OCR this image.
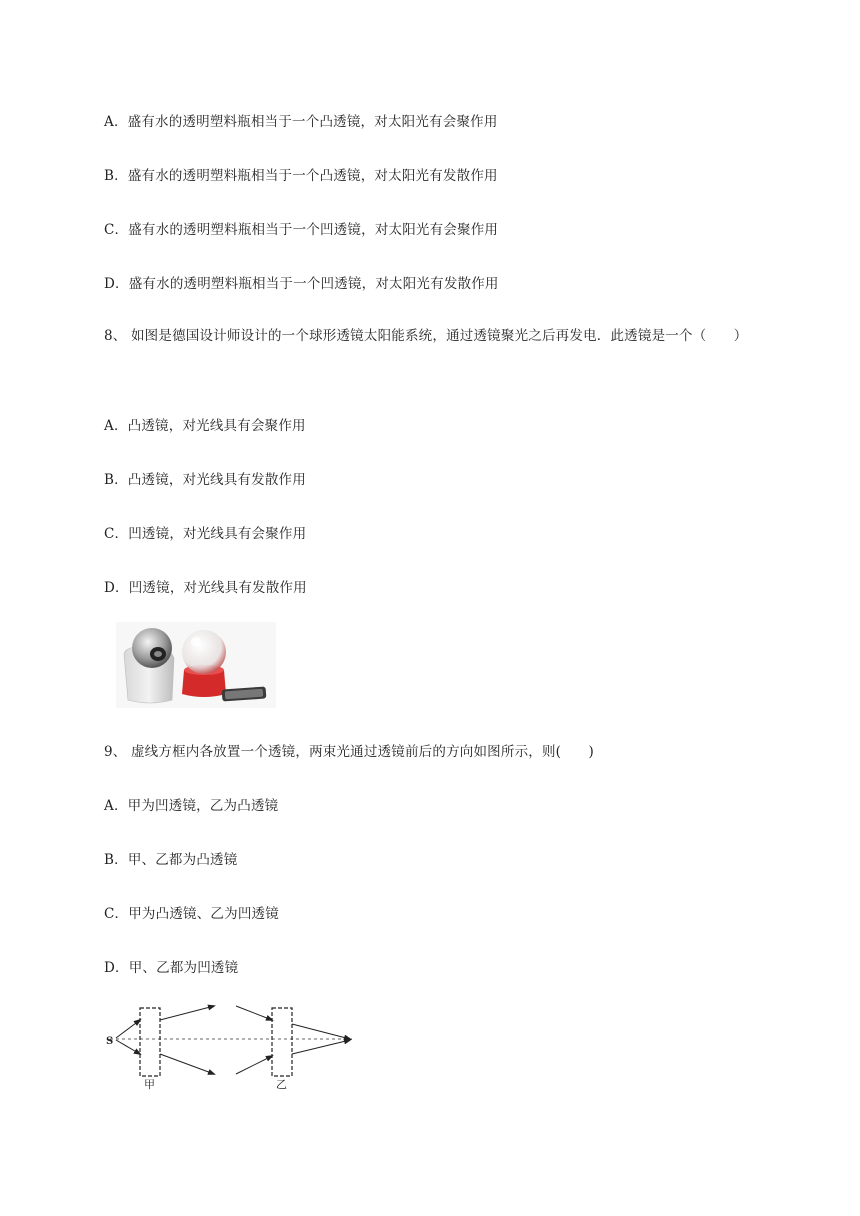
A．盛有水的透明塑料瓶相当于一个凸透镜，对太阳光有会聚作用
B．盛有水的透明塑料瓶相当于一个凸透镜，对太阳光有发散作用
C．盛有水的透明塑料瓶相当于一个凹透镜，对太阳光有会聚作用
D．盛有水的透明塑料瓶相当于一个凹透镜，对太阳光有发散作用
8、 如图是德国设计师设计的一个球形透镜太阳能系统，通过透镜聚光之后再发电．此透镜是一个（　　）
A．凸透镜，对光线具有会聚作用
B．凸透镜，对光线具有发散作用
C．凹透镜，对光线具有会聚作用
D．凹透镜，对光线具有发散作用
9、 虚线方框内各放置一个透镜，两束光通过透镜前后的方向如图所示，则(　　)
A．甲为凹透镜，乙为凸透镜
B．甲、乙都为凸透镜
C．甲为凸透镜、乙为凹透镜
D．甲、乙都为凹透镜
S
甲	乙
